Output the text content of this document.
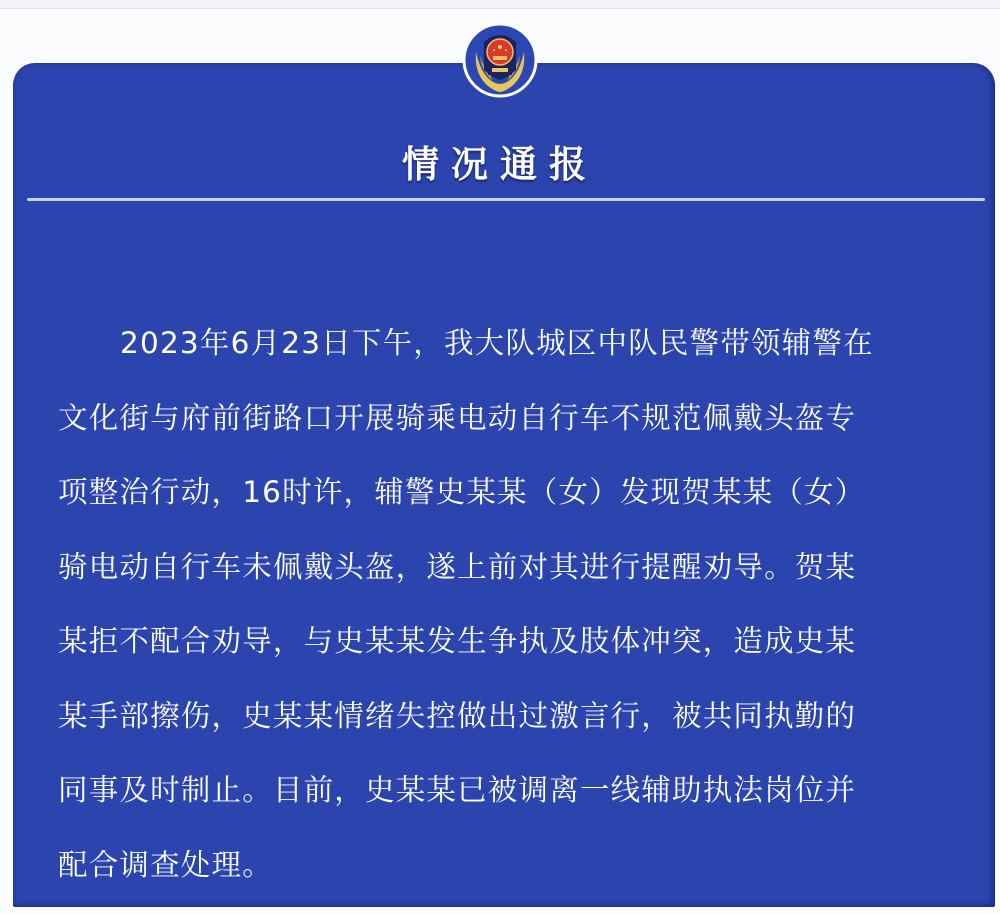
情况通报
2023年6月23日下午，我大队城区中队民警带领辅警在
文化街与府前街路口开展骑乘电动自行车不规范佩戴头盔专
项整治行动，16时许，辅警史某某（女）发现贺某某（女）
骑电动自行车未佩戴头盔，遂上前对其进行提醒劝导。贺某
某拒不配合劝导，与史某某发生争执及肢体冲突，造成史某
某手部擦伤，史某某情绪失控做出过激言行，被共同执勤的
同事及时制止。目前，史某某已被调离一线辅助执法岗位并
配合调查处理。
